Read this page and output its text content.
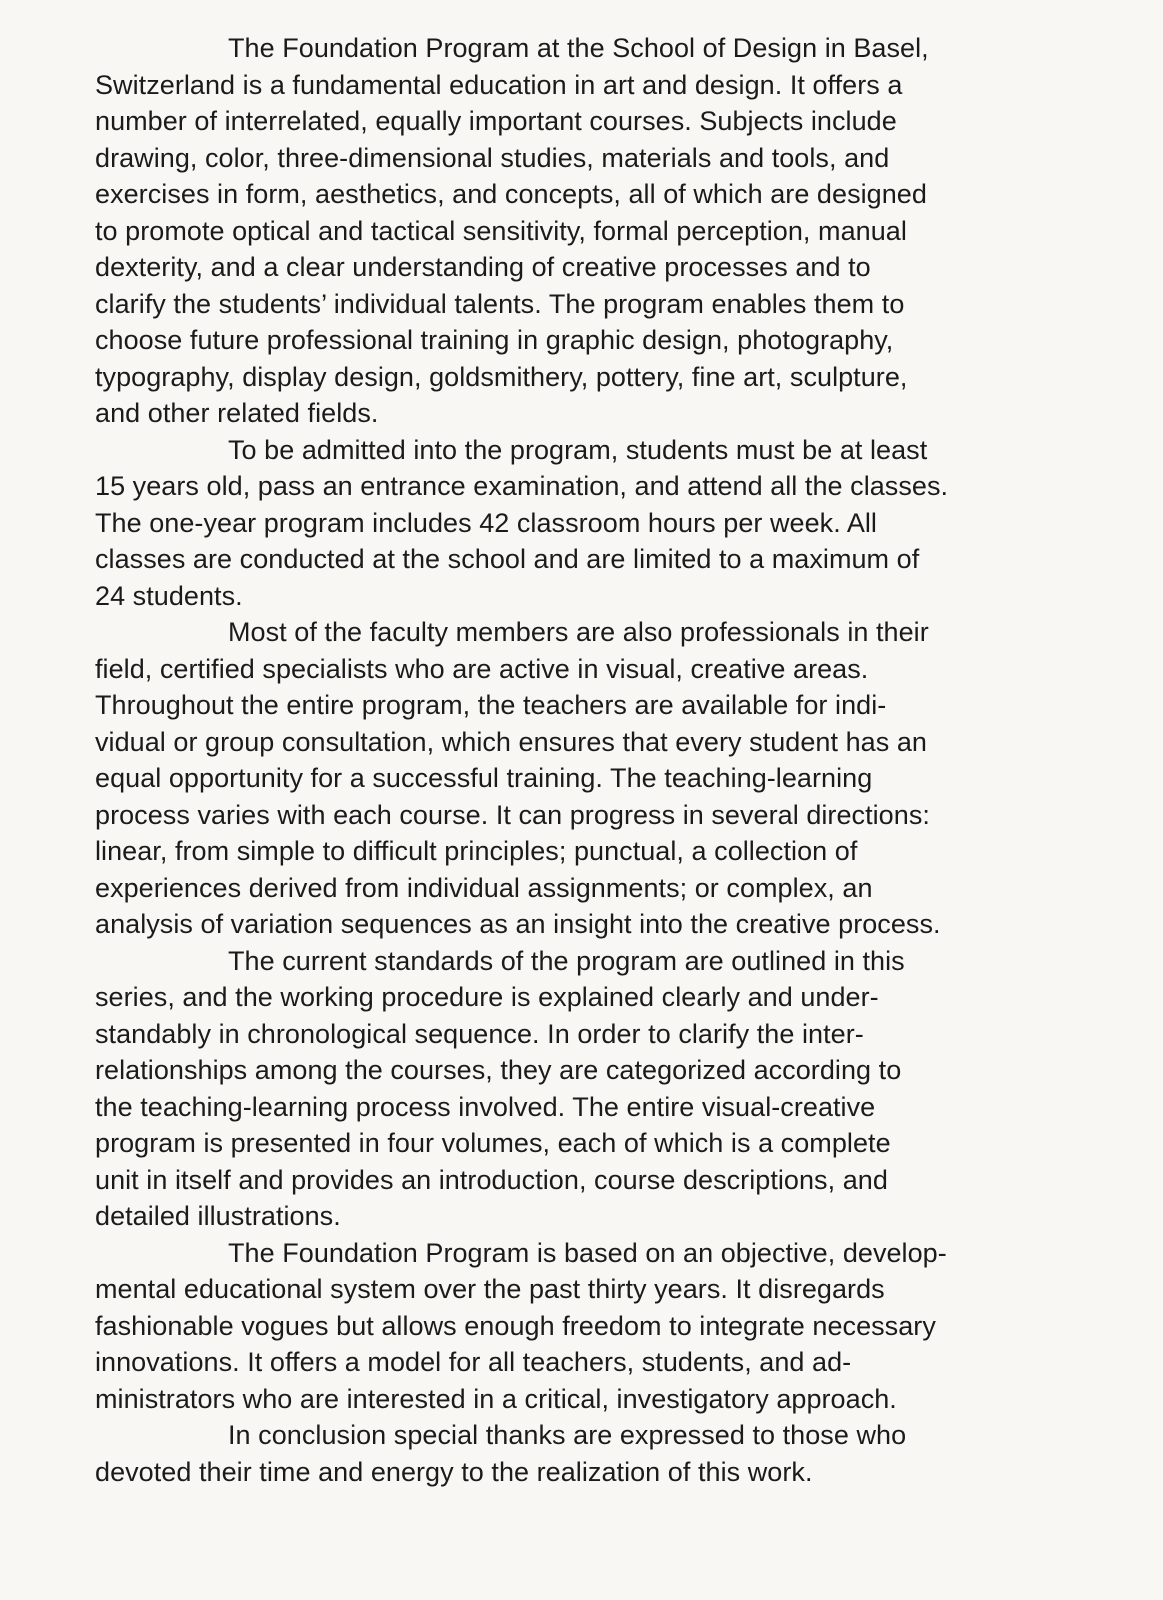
The Foundation Program at the School of Design in Basel,
Switzerland is a fundamental education in art and design. It offers a
number of interrelated, equally important courses. Subjects include
drawing, color, three-dimensional studies, materials and tools, and
exercises in form, aesthetics, and concepts, all of which are designed
to promote optical and tactical sensitivity, formal perception, manual
dexterity, and a clear understanding of creative processes and to
clarify the students’ individual talents. The program enables them to
choose future professional training in graphic design, photography,
typography, display design, goldsmithery, pottery, fine art, sculpture,
and other related fields.
To be admitted into the program, students must be at least
15 years old, pass an entrance examination, and attend all the classes.
The one-year program includes 42 classroom hours per week. All
classes are conducted at the school and are limited to a maximum of
24 students.
Most of the faculty members are also professionals in their
field, certified specialists who are active in visual, creative areas.
Throughout the entire program, the teachers are available for indi-
vidual or group consultation, which ensures that every student has an
equal opportunity for a successful training. The teaching-learning
process varies with each course. It can progress in several directions:
linear, from simple to difficult principles; punctual, a collection of
experiences derived from individual assignments; or complex, an
analysis of variation sequences as an insight into the creative process.
The current standards of the program are outlined in this
series, and the working procedure is explained clearly and under-
standably in chronological sequence. In order to clarify the inter-
relationships among the courses, they are categorized according to
the teaching-learning process involved. The entire visual-creative
program is presented in four volumes, each of which is a complete
unit in itself and provides an introduction, course descriptions, and
detailed illustrations.
The Foundation Program is based on an objective, develop-
mental educational system over the past thirty years. It disregards
fashionable vogues but allows enough freedom to integrate necessary
innovations. It offers a model for all teachers, students, and ad-
ministrators who are interested in a critical, investigatory approach.
In conclusion special thanks are expressed to those who
devoted their time and energy to the realization of this work.
